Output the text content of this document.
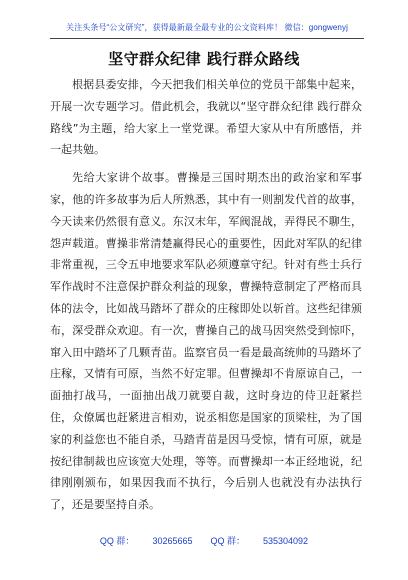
关注头条号“公文研究”，获得最新最全最专业的公文资料库！ 微信：gongwenyj
坚守群众纪律 践行群众路线

根据县委安排，今天把我们相关单位的党员干部集中起来，开展一次专题学习。借此机会，我就以“坚守群众纪律 践行群众路线”为主题，给大家上一堂党课。希望大家从中有所感悟，并一起共勉。

先给大家讲个故事。曹操是三国时期杰出的政治家和军事家，他的许多故事为后人所熟悉，其中有一则割发代首的故事，今天读来仍然很有意义。东汉末年，军阀混战，弄得民不聊生，怨声载道。曹操非常清楚赢得民心的重要性，因此对军队的纪律非常重视，三令五申地要求军队必须遵章守纪。针对有些士兵行军作战时不注意保护群众利益的现象，曹操特意制定了严格而具体的法令，比如战马踏坏了群众的庄稼即处以斩首。这些纪律颁布，深受群众欢迎。有一次，曹操自己的战马因突然受到惊吓，窜入田中踏坏了几颗青苗。监察官员一看是最高统帅的马踏坏了庄稼，又情有可原，当然不好定罪。但曹操却不肯原谅自己，一面抽打战马，一面抽出战刀就要自裁，这时身边的侍卫赶紧拦住，众僚属也赶紧进言相劝，说丞相您是国家的顶梁柱，为了国家的利益您也不能自杀，马踏青苗是因马受惊，情有可原，就是按纪律制裁也应该宽大处理，等等。而曹操却一本正经地说，纪律刚刚颁布，如果因我而不执行，今后别人也就没有办法执行了，还是要坚持自杀。

QQ 群： 30265665 QQ 群： 535304092
